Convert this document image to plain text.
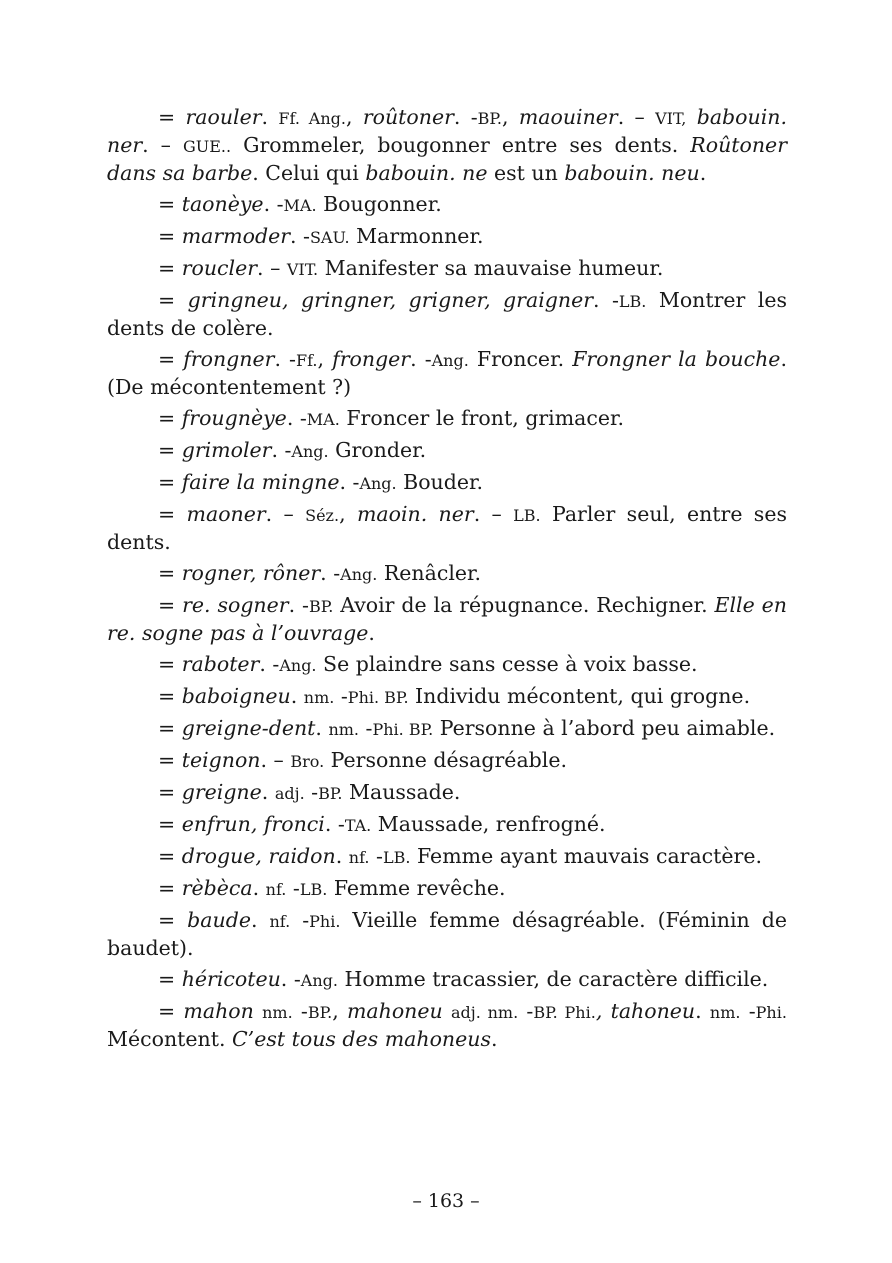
= raouler. Ff. Ang., roûtoner. -BP., maouiner. – VIT, babouin. ner. – GUE.. Grommeler, bougonner entre ses dents. Roûtoner dans sa barbe. Celui qui babouin. ne est un babouin. neu.

= taonèye. -MA. Bougonner.

= marmoder. -SAU. Marmonner.

= roucler. – VIT. Manifester sa mauvaise humeur.

= gringneu, gringner, grigner, graigner. -LB. Montrer les dents de colère.

= frongner. -Ff., fronger. -Ang. Froncer. Frongner la bouche. (De mécontentement ?)

= frougnèye. -MA. Froncer le front, grimacer.

= grimoler. -Ang. Gronder.

= faire la mingne. -Ang. Bouder.

= maoner. – Séz., maoin. ner. – LB. Parler seul, entre ses dents.

= rogner, rôner. -Ang. Renâcler.

= re. sogner. -BP. Avoir de la répugnance. Rechigner. Elle en re. sogne pas à l’ouvrage.

= raboter. -Ang. Se plaindre sans cesse à voix basse.

= baboigneu. nm. -Phi. BP. Individu mécontent, qui grogne.

= greigne-dent. nm. -Phi. BP. Personne à l’abord peu aimable.

= teignon. – Bro. Personne désagréable.

= greigne. adj. -BP. Maussade.

= enfrun, fronci. -TA. Maussade, renfrogné.

= drogue, raidon. nf. -LB. Femme ayant mauvais caractère.

= rèbèca. nf. -LB. Femme revêche.

= baude. nf. -Phi. Vieille femme désagréable. (Féminin de baudet).

= héricoteu. -Ang. Homme tracassier, de caractère difficile.

= mahon nm. -BP., mahoneu adj. nm. -BP. Phi., tahoneu. nm. -Phi. Mécontent. C’est tous des mahoneus.

– 163 –
